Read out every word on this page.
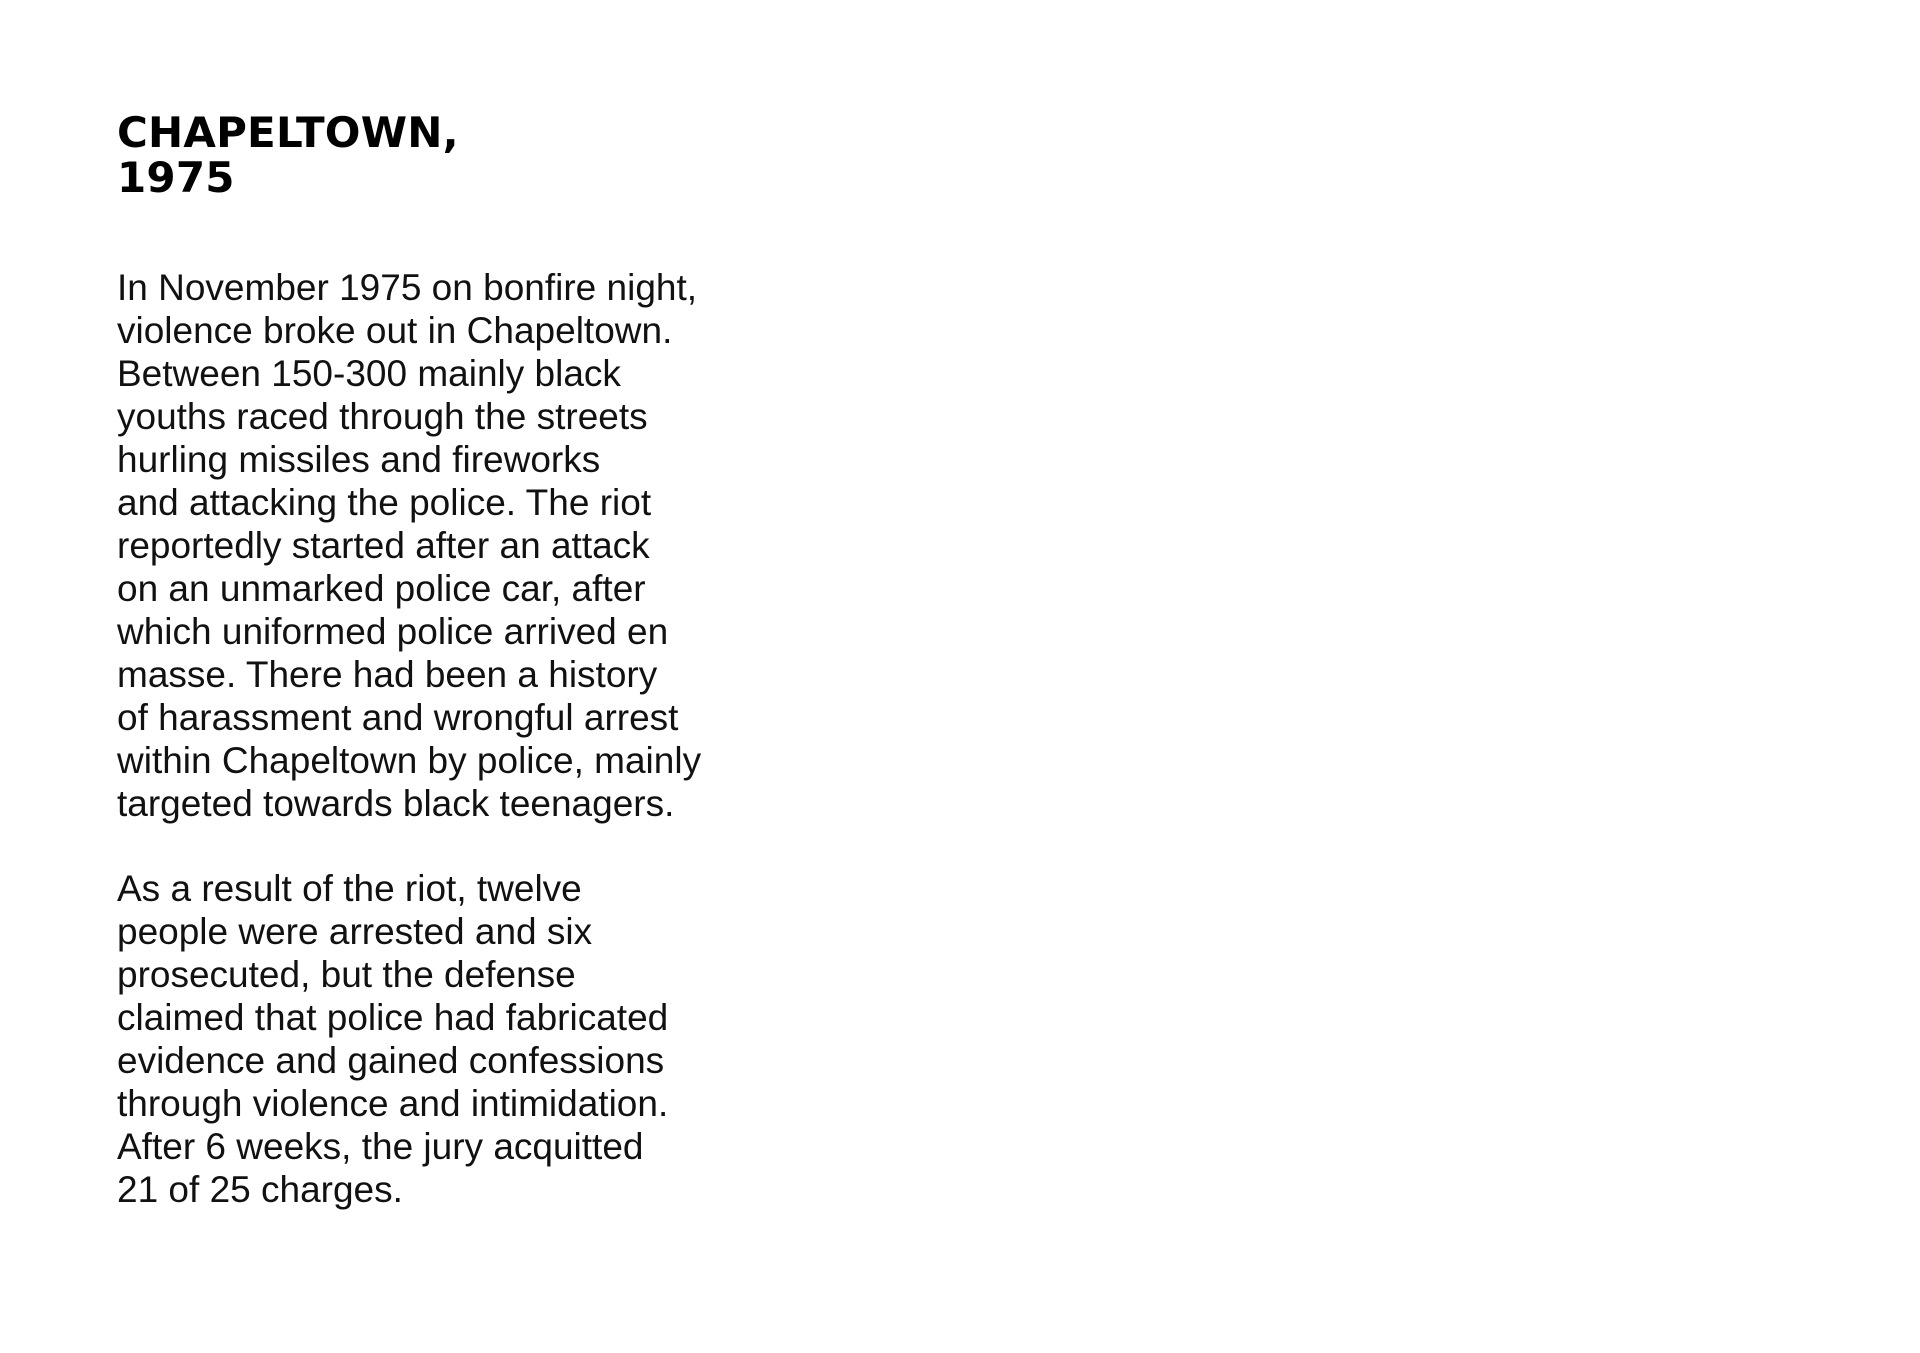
CHAPELTOWN,
1975

In November 1975 on bonfire night,
violence broke out in Chapeltown.
Between 150-300 mainly black
youths raced through the streets
hurling missiles and fireworks
and attacking the police. The riot
reportedly started after an attack
on an unmarked police car, after
which uniformed police arrived en
masse. There had been a history
of harassment and wrongful arrest
within Chapeltown by police, mainly
targeted towards black teenagers.

As a result of the riot, twelve
people were arrested and six
prosecuted, but the defense
claimed that police had fabricated
evidence and gained confessions
through violence and intimidation.
After 6 weeks, the jury acquitted
21 of 25 charges.
